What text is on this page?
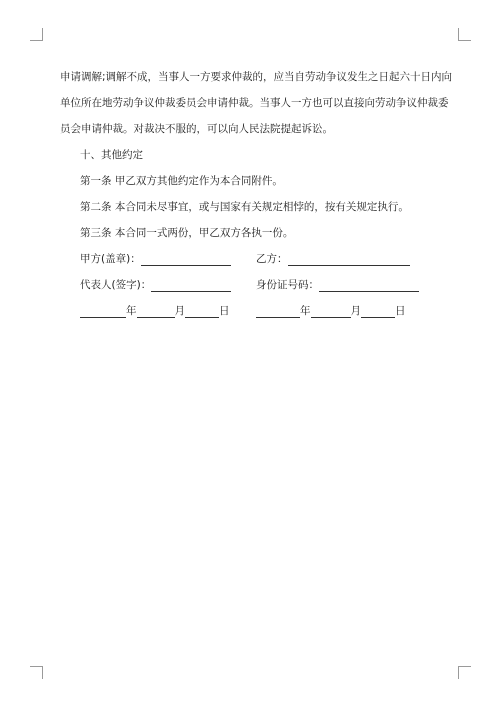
申请调解;调解不成，当事人一方要求仲裁的，应当自劳动争议发生之日起六十日内向
单位所在地劳动争议仲裁委员会申请仲裁。当事人一方也可以直接向劳动争议仲裁委
员会申请仲裁。对裁决不服的，可以向人民法院提起诉讼。
十、其他约定
第一条 甲乙双方其他约定作为本合同附件。
第二条 本合同未尽事宜，或与国家有关规定相悖的，按有关规定执行。
第三条 本合同一式两份，甲乙双方各执一份。
甲方(盖章)：	乙方：
代表人(签字)：	身份证号码：
年	月	日	年	月	日
